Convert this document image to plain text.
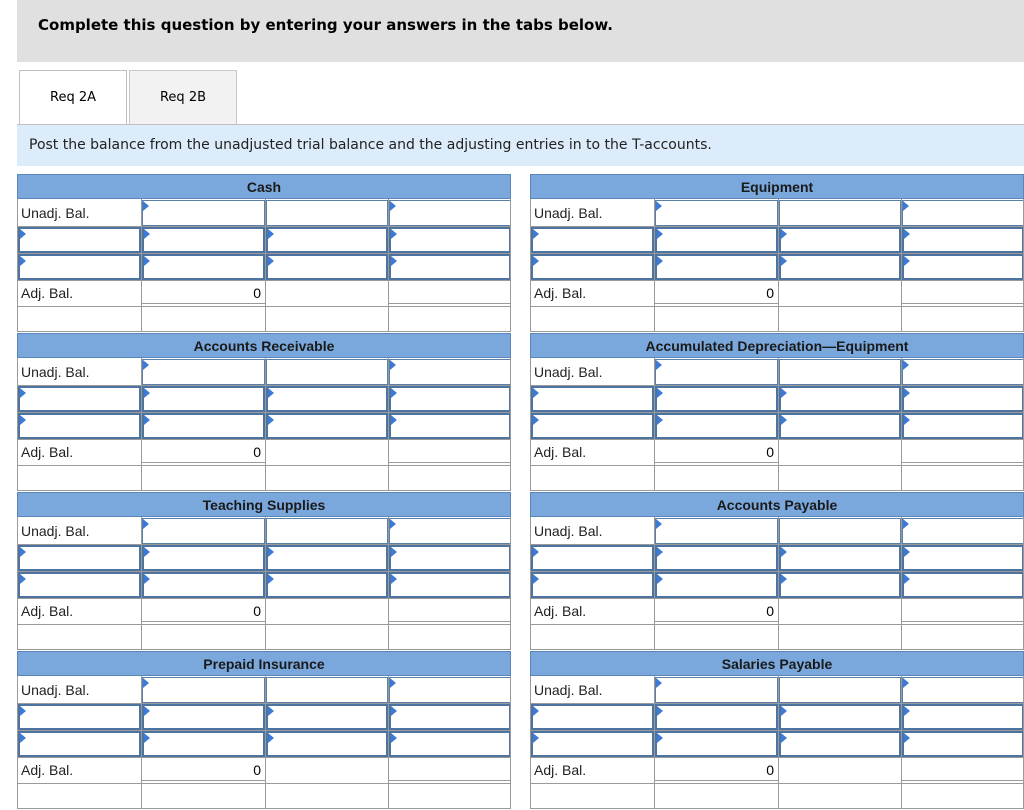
Complete this question by entering your answers in the tabs below.
Req 2A	Req 2B
Post the balance from the unadjusted trial balance and the adjusting entries in to the T-accounts.
Cash
Unadj. Bal.
Adj. Bal.	0
Equipment
Unadj. Bal.
Adj. Bal.	0
Accounts Receivable
Unadj. Bal.
Adj. Bal.	0
Accumulated Depreciation—Equipment
Unadj. Bal.
Adj. Bal.	0
Teaching Supplies
Unadj. Bal.
Adj. Bal.	0
Accounts Payable
Unadj. Bal.
Adj. Bal.	0
Prepaid Insurance
Unadj. Bal.
Adj. Bal.	0
Salaries Payable
Unadj. Bal.
Adj. Bal.	0
